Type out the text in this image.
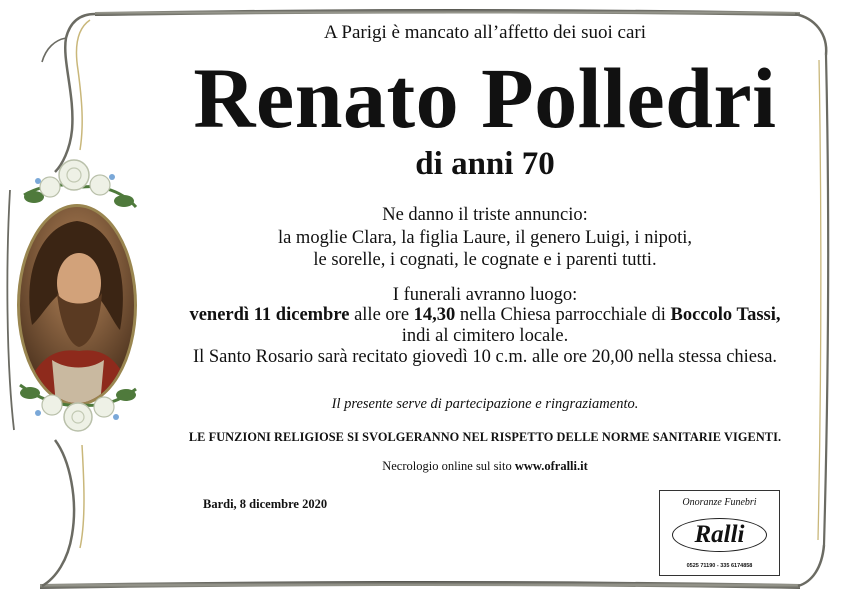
A Parigi è mancato all’affetto dei suoi cari
Renato Polledri
di anni 70
Ne danno il triste annuncio:
la moglie Clara, la figlia Laure, il genero Luigi, i nipoti,
le sorelle, i cognati, le cognate e i parenti tutti.
I funerali avranno luogo:
venerdì 11 dicembre alle ore 14,30 nella Chiesa parrocchiale di Boccolo Tassi,
indi al cimitero locale.
Il Santo Rosario sarà recitato giovedì 10 c.m. alle ore 20,00 nella stessa chiesa.
Il presente serve di partecipazione e ringraziamento.
LE FUNZIONI RELIGIOSE SI SVOLGERANNO NEL RISPETTO DELLE NORME SANITARIE VIGENTI.
Necrologio online sul sito www.ofralli.it
Bardi, 8 dicembre 2020	Onoranze Funebri
Ralli
0525 71190 - 335 6174858
